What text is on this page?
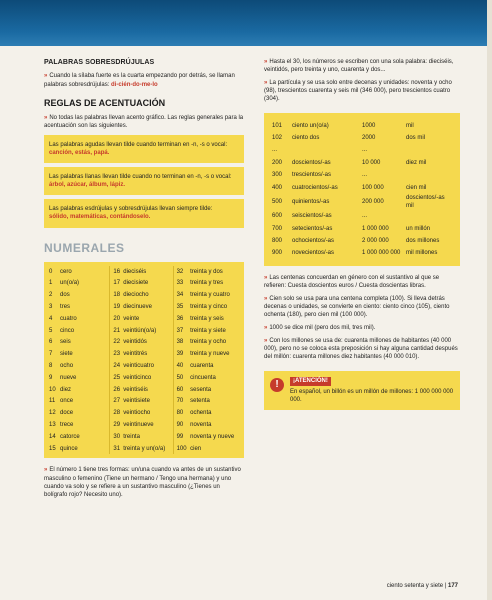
PALABRAS SOBRESDRÚJULAS

» Cuando la sílaba fuerte es la cuarta empezando por detrás, se llaman palabras sobresdrújulas: di-cién-do-me-lo

REGLAS DE ACENTUACIÓN

» No todas las palabras llevan acento gráfico. Las reglas generales para la acentuación son las siguientes.

Las palabras agudas llevan tilde cuando terminan en -n, -s o vocal:
canción, estás, papá.
Las palabras llanas llevan tilde cuando no terminan en -n, -s o vocal:
árbol, azúcar, álbum, lápiz.
Las palabras esdrújulas y sobresdrújulas llevan siempre tilde:
sólido, matemáticas, contándoselo.
NUMERALES
0	cero	16	dieciséis	32	treinta y dos
1	un(o/a)	17	diecisiete	33	treinta y tres
2	dos	18	dieciocho	34	treinta y cuatro
3	tres	19	diecinueve	35	treinta y cinco
4	cuatro	20	veinte	36	treinta y seis
5	cinco	21	veintiún(o/a)	37	treinta y siete
6	seis	22	veintidós	38	treinta y ocho
7	siete	23	veintitrés	39	treinta y nueve
8	ocho	24	veinticuatro	40	cuarenta
9	nueve	25	veinticinco	50	cincuenta
10	diez	26	veintiséis	60	sesenta
11	once	27	veintisiete	70	setenta
12	doce	28	veintiocho	80	ochenta
13	trece	29	veintinueve	90	noventa
14	catorce	30	treinta	99	noventa y nueve
15	quince	31	treinta y un(o/a)	100	cien

» El número 1 tiene tres formas: un/una cuando va antes de un sustantivo masculino o femenino (Tiene un hermano / Tengo una hermana) y uno cuando va solo y se refiere a un sustantivo masculino (¿Tienes un bolígrafo rojo? Necesito uno).

» Hasta el 30, los números se escriben con una sola palabra: dieciséis, veintidós, pero treinta y uno, cuarenta y dos...

» La partícula y se usa solo entre decenas y unidades: noventa y ocho (98), trescientos cuarenta y seis mil (346 000), pero trescientos cuatro (304).

101	ciento un(o/a)	1000	mil
102	ciento dos	2000	dos mil
...		...	
200	doscientos/-as	10 000	diez mil
300	trescientos/-as	...	
400	cuatrocientos/-as	100 000	cien mil
500	quinientos/-as	200 000	doscientos/-as mil
600	seiscientos/-as	...	
700	setecientos/-as	1 000 000	un millón
800	ochocientos/-as	2 000 000	dos millones
900	novecientos/-as	1 000 000 000	mil millones

» Las centenas concuerdan en género con el sustantivo al que se refieren: Cuesta doscientos euros / Cuesta doscientas libras.

» Cien solo se usa para una centena completa (100). Si lleva detrás decenas o unidades, se convierte en ciento: ciento cinco (105), ciento ochenta (180), pero cien mil (100 000).

» 1000 se dice mil (pero dos mil, tres mil).

» Con los millones se usa de: cuarenta millones de habitantes (40 000 000), pero no se coloca esta preposición si hay alguna cantidad después del millón: cuarenta millones diez habitantes (40 000 010).

!	¡ATENCIÓN!
En español, un billón es un millón de millones: 1 000 000 000 000.
ciento setenta y siete | 177
